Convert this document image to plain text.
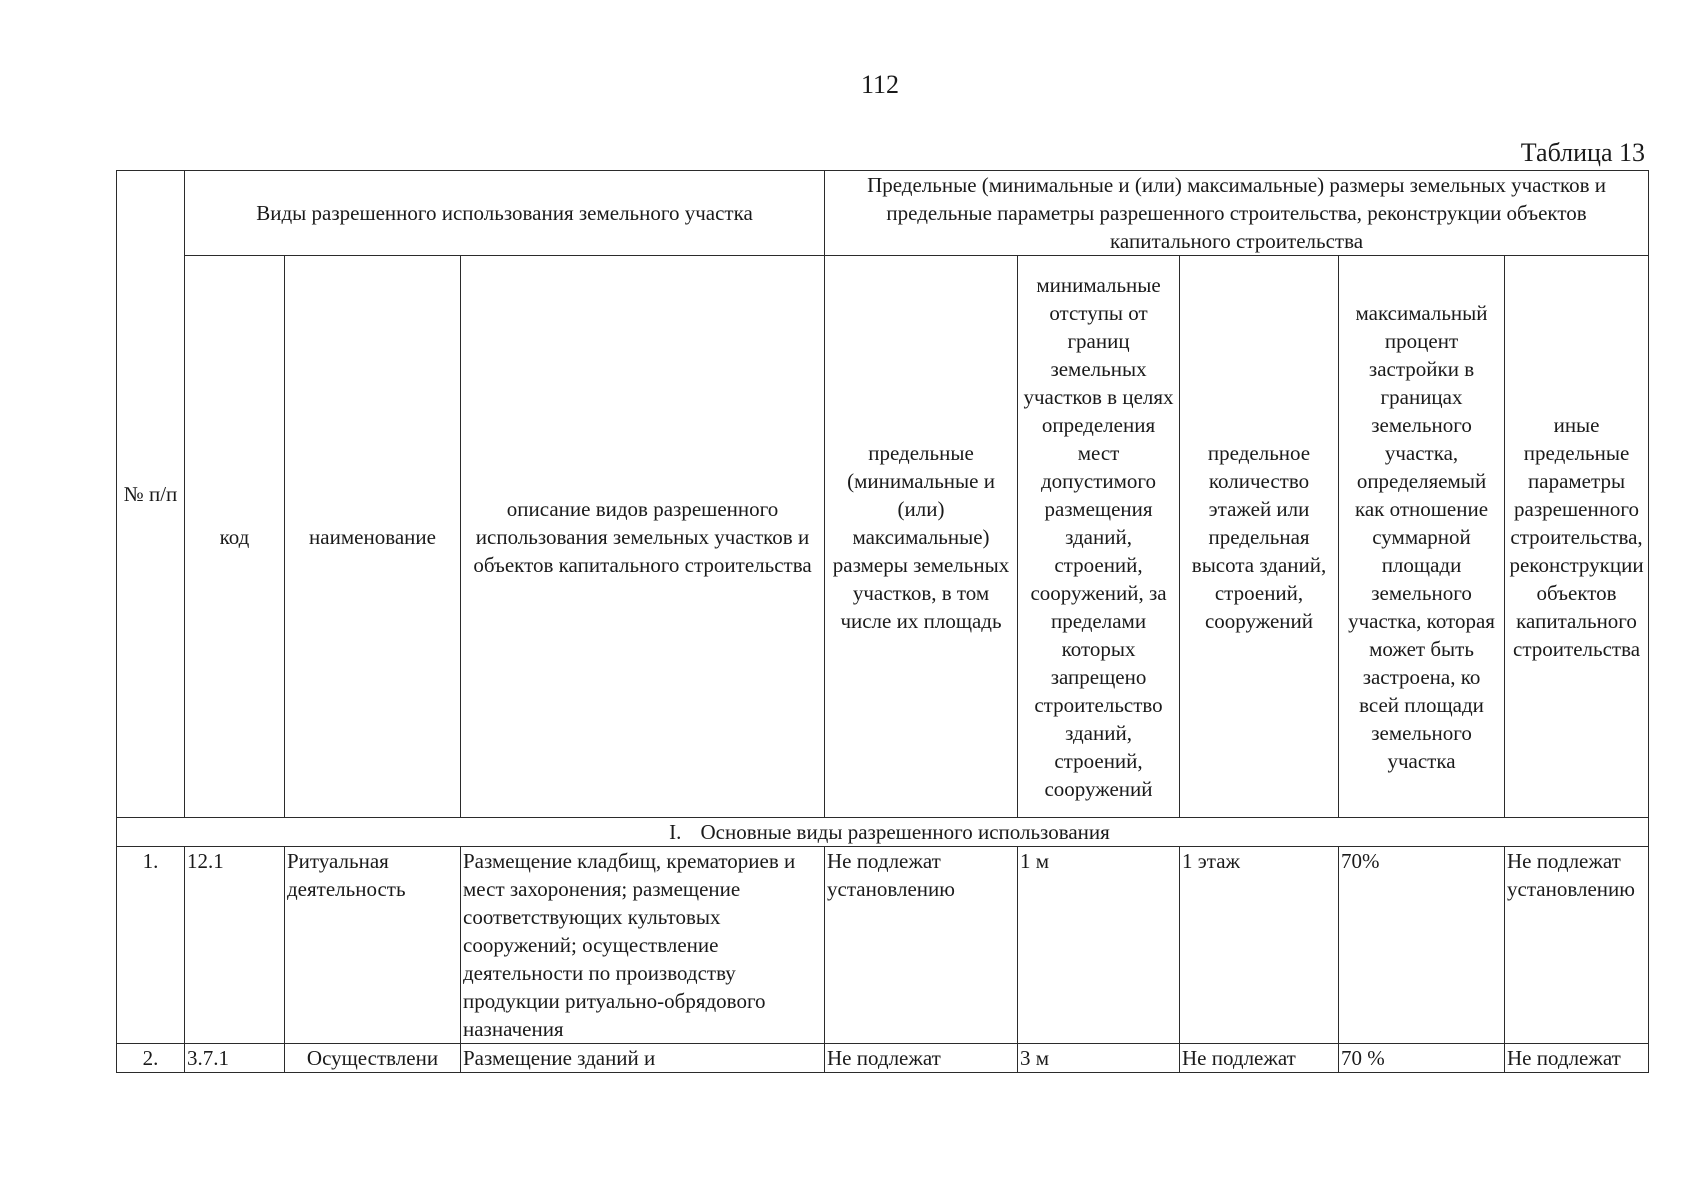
112
Таблица 13
№ п/п	Виды разрешенного использования земельного участка			Предельные (минимальные и (или) максимальные) размеры земельных участков и предельные параметры разрешенного строительства, реконструкции объектов капитального строительства				
	код	наименование	описание видов разрешенного использования земельных участков и объектов капитального строительства	предельные (минимальные и (или) максимальные) размеры земельных участков, в том числе их площадь	минимальные отступы от границ земельных участков в целях определения мест допустимого размещения зданий, строений, сооружений, за пределами которых запрещено строительство зданий, строений, сооружений	предельное количество этажей или предельная высота зданий, строений, сооружений	максимальный процент застройки в границах земельного участка, определяемый как отношение суммарной площади земельного участка, которая может быть застроена, ко всей площади земельного участка	иные предельные параметры разрешенного строительства, реконструкции объектов капитального строительства
I. Основные виды разрешенного использования								
1.	12.1	Ритуальная деятельность	Размещение кладбищ, крематориев и мест захоронения; размещение соответствующих культовых сооружений; осуществление деятельности по производству продукции ритуально-обрядового назначения	Не подлежат установлению	1 м	1 этаж	70%	Не подлежат установлению
2.	3.7.1	Осуществлени	Размещение зданий и	Не подлежат	3 м	Не подлежат	70 %	Не подлежат
